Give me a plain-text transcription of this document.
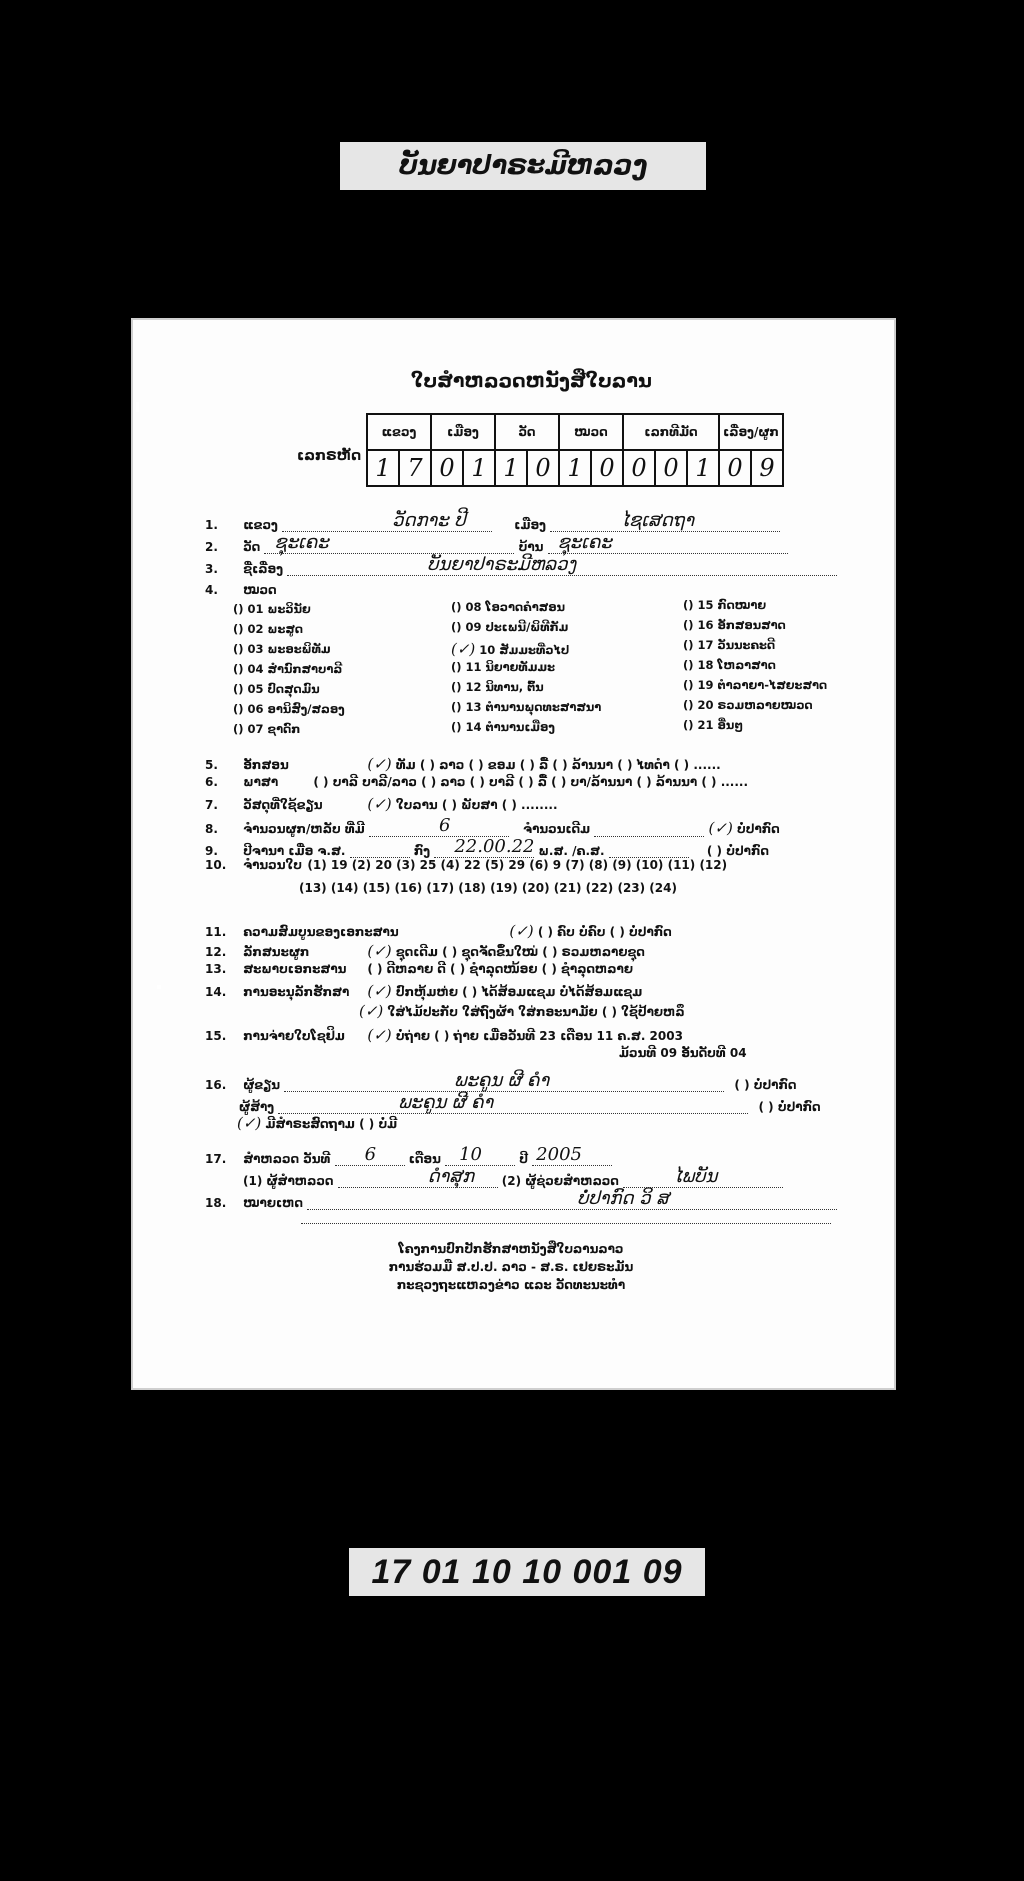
ບັນຍາປາຣະມີຫລວງ
ໃບສໍາຫລວດຫນັງສືໃບລານ
ເລກຣຫັດ
ແຂວງ		ເມືອງ		ວັດ		ໝວດ		ເລກທີມັດ			ເລື່ອງ/ຜູກ	
1	7	0	1	1	0	1	0	0	0	1	0	9
1. ແຂວງ	ວັດກາະ ປີ	ເມືອງ	ໄຊເສດຖາ
2. ວັດ ຊຸະເຄະ	ບ້ານ ຊຸະເຄະ
3. ຊື່ເລື່ອງ	ບັນຍາປາຣະມີຫລວງ
4. ໝວດ
() 01 ພະວິນັຍ
() 02 ພະສູດ
() 03 ພະອະພິທັມ
() 04 ສໍານົກສາບາລີ
() 05 ປົດສຸດມົນ
() 06 ອານິສົງ/ສລອງ
() 07 ຊາດົກ
() 08 ໂອວາດຄໍາສອນ
() 09 ປະເພນີ/ພິທີກັມ
(✓) 10 ສັມມະທີ່ວໄປ
() 11 ນິຍາຍທັມມະ
() 12 ນິທານ, ຕົ້ນ
() 13 ຕໍານານພຸດທະສາສນາ
() 14 ຕໍານານເມືອງ
() 15 ກົດໝາຍ
() 16 ອັກສອນສາດ
() 17 ວັນນະຄະດີ
() 18 ໂຫລາສາດ
() 19 ຕໍາລາຍາ-ໄສຍະສາດ
() 20 ຣວມຫລາຍໝວດ
() 21 ອື່ນໆ
5. ອັກສອນ	(✓) ທັມ ( ) ລາວ ( ) ຂອມ ( ) ລື້ ( ) ລ້ານນາ ( ) ໄທດໍາ ( ) ......
6. ພາສາ	( ) ບາລີ ບາລີ/ລາວ ( ) ລາວ ( ) ບາລີ ( ) ລື້ ( ) ບາ/ລ້ານນາ ( ) ລ້ານນາ ( ) ......
7. ວັສດຸທີ່ໃຊ້ຂຽນ	(✓) ໃບລານ ( ) ພັບສາ ( ) ........
8. ຈໍານວນຜູກ/ຫລັບ ທີ່ມີ	6	ຈໍານວນເດີມ	(✓) ບໍ່ປາກົດ
9. ປີຈານາ ເມື່ອ ຈ.ສ.	ກົງ 22.00.22 ພ.ສ. /ຄ.ສ.	( ) ບໍ່ປາກົດ
10. ຈໍານວນໃບ (1) 19 (2) 20 (3) 25 (4) 22 (5) 29 (6) 9 (7) (8) (9) (10) (11) (12)
(13) (14) (15) (16) (17) (18) (19) (20) (21) (22) (23) (24)
11. ຄວາມສົມບູນຂອງເອກະສານ	(✓) ( ) ຄົບ ບໍ່ຄົບ ( ) ບໍ່ປາກົດ
12. ລັກສນະຜູກ	(✓) ຊຸດເດີມ ( ) ຊຸດຈັດຂຶ້ນໃໝ່ ( ) ຣວມຫລາຍຊຸດ
13. ສະພາບເອກະສານ ( ) ດີຫລາຍ ດີ ( ) ຊໍາລຸດໜ້ອຍ ( ) ຊໍາລຸດຫລາຍ
14. ການອະນຸລັກຮັກສາ (✓) ປົກຫຸ້ມຫ່ຍ ( ) ໄດ້ສ້ອມແຊມ ບໍ່ໄດ້ສ້ອມແຊມ
(✓) ໃສ່ໄມ້ປະກັບ ໃສ່ຖົງຜ້າ ໃສ່ກອະນາມັຍ ( ) ໃຊ້ປ້າຍຫລຶ
15. ການຈ່າຍໃບໂຊຢິມ (✓) ບໍ່ຖ່າຍ ( ) ຖ່າຍ ເມື່ອວັນທີ 23 ເດືອນ 11 ຄ.ສ. 2003
ມ້ວນທີ 09 ອັນດັບທີ 04
16. ຜູ້ຂຽນ	ພະຄູນ ຜີ ຄໍາ	( ) ບໍ່ປາກົດ
ຜູ້ສ້າງ	ພະຄູນ ຜີ ຄໍາ	( ) ບໍ່ປາກົດ
(✓) ມີສໍາຣະສົດຖາມ ( ) ບໍ່ມີ
17. ສໍາຫລວດ ວັນທີ 6	ເດືອນ 10	ປີ 2005
(1) ຜູ້ສໍາຫລວດ	ດໍາສຸກ (2) ຜູ້ຊ່ວຍສໍາຫລວດ	ໄພບັນ
18. ໝາຍເຫດ	ບໍ່ປາກົດ ວິ ສ
ໂຄງການປົກປັກຮັກສາຫນັງສືໃບລານລາວ
ການຮ່ວມມື ສ.ປ.ປ. ລາວ - ສ.ຣ. ເຢຍຣະມັນ
ກະຊວງຖະແຫລງຂ່າວ ແລະ ວັດທະນະທໍາ
17 01 10 10 001 09
